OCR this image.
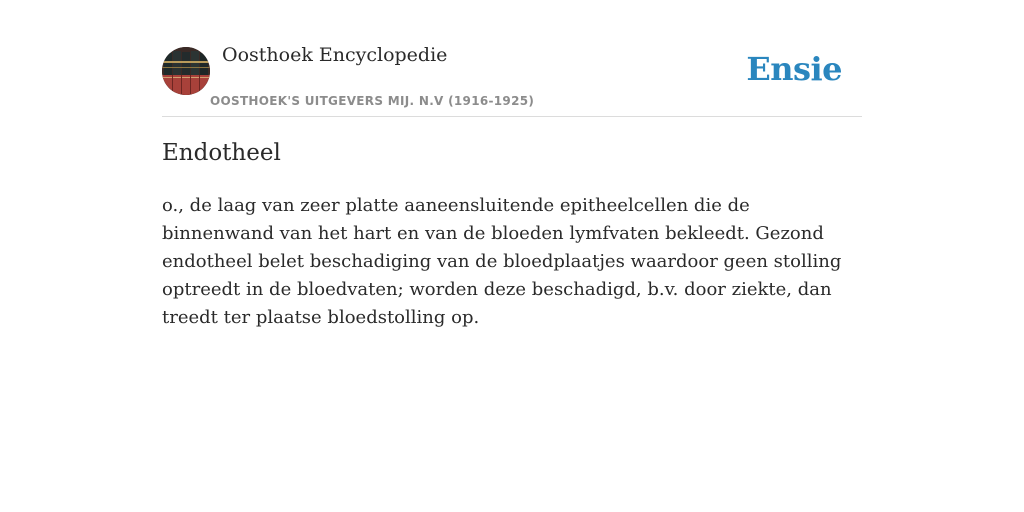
Oosthoek Encyclopedie
OOSTHOEK'S UITGEVERS MIJ. N.V (1916-1925)
Ensie
Endotheel

o., de laag van zeer platte aaneensluitende epitheelcellen die de binnenwand van het hart en van de bloeden lymfvaten bekleedt. Gezond endotheel belet beschadiging van de bloedplaatjes waardoor geen stolling optreedt in de bloedvaten; worden deze beschadigd, b.v. door ziekte, dan treedt ter plaatse bloedstolling op.
